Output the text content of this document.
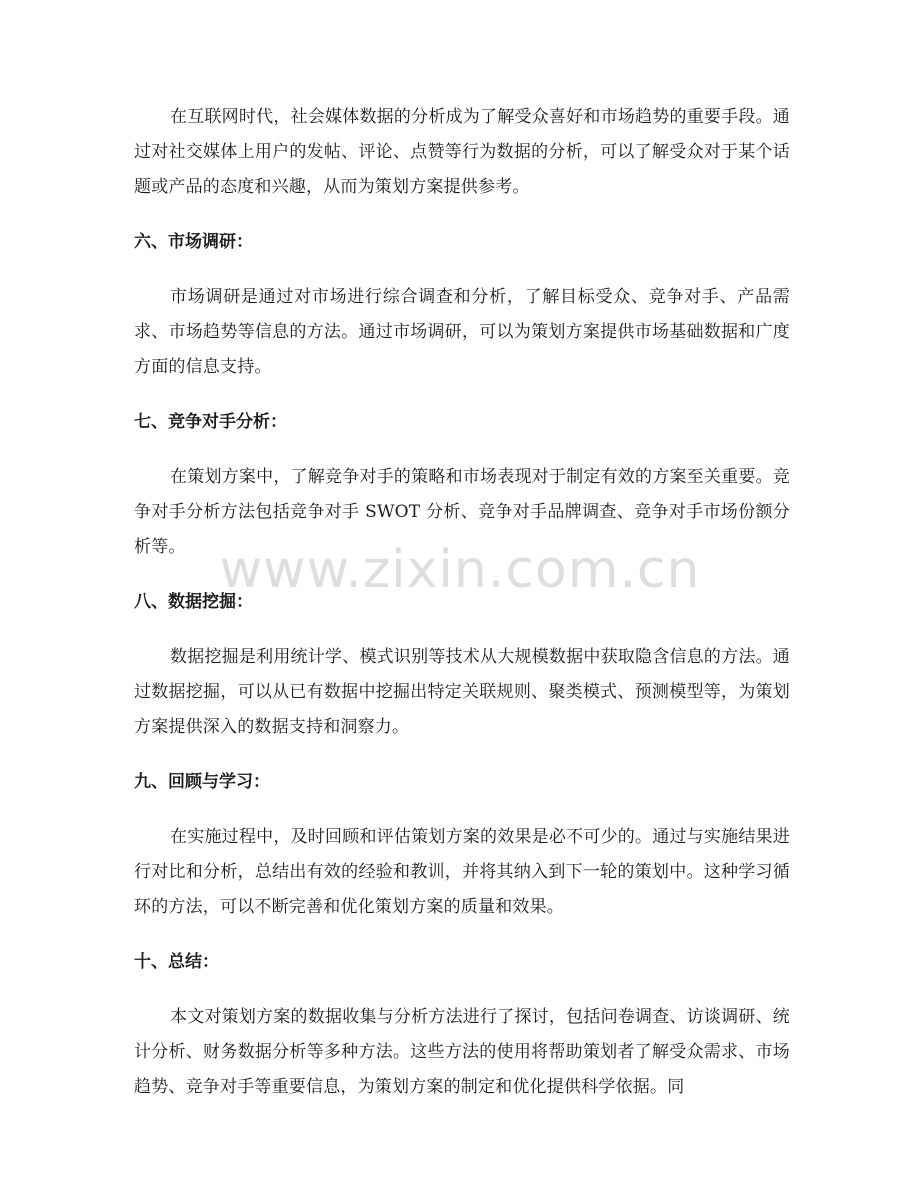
在互联网时代，社会媒体数据的分析成为了解受众喜好和市场趋势的重要手段。通过对社交媒体上用户的发帖、评论、点赞等行为数据的分析，可以了解受众对于某个话题或产品的态度和兴趣，从而为策划方案提供参考。

六、市场调研：

市场调研是通过对市场进行综合调查和分析，了解目标受众、竞争对手、产品需求、市场趋势等信息的方法。通过市场调研，可以为策划方案提供市场基础数据和广度方面的信息支持。

七、竞争对手分析：

在策划方案中，了解竞争对手的策略和市场表现对于制定有效的方案至关重要。竞争对手分析方法包括竞争对手 SWOT 分析、竞争对手品牌调查、竞争对手市场份额分析等。

八、数据挖掘：

数据挖掘是利用统计学、模式识别等技术从大规模数据中获取隐含信息的方法。通过数据挖掘，可以从已有数据中挖掘出特定关联规则、聚类模式、预测模型等，为策划方案提供深入的数据支持和洞察力。

九、回顾与学习：

在实施过程中，及时回顾和评估策划方案的效果是必不可少的。通过与实施结果进行对比和分析，总结出有效的经验和教训，并将其纳入到下一轮的策划中。这种学习循环的方法，可以不断完善和优化策划方案的质量和效果。

十、总结：

本文对策划方案的数据收集与分析方法进行了探讨，包括问卷调查、访谈调研、统计分析、财务数据分析等多种方法。这些方法的使用将帮助策划者了解受众需求、市场趋势、竞争对手等重要信息，为策划方案的制定和优化提供科学依据。同

www.zixin.com.cn
